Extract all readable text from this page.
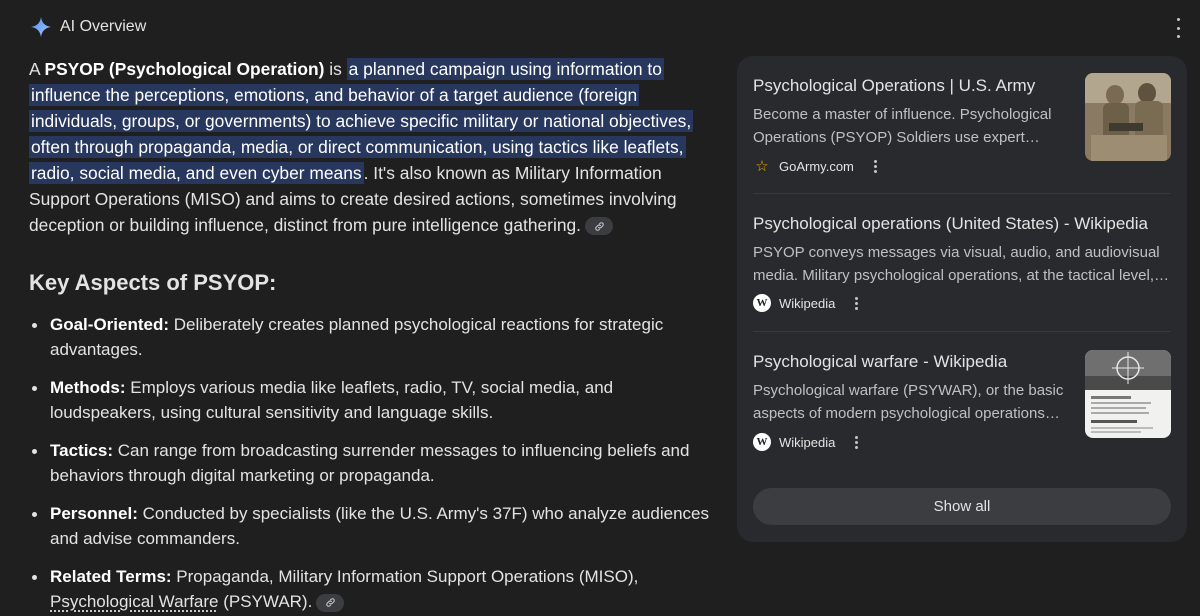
AI Overview

A PSYOP (Psychological Operation) is a planned campaign using information to influence the perceptions, emotions, and behavior of a target audience (foreign individuals, groups, or governments) to achieve specific military or national objectives, often through propaganda, media, or direct communication, using tactics like leaflets, radio, social media, and even cyber means . It's also known as Military Information Support Operations (MISO) and aims to create desired actions, sometimes involving deception or building influence, distinct from pure intelligence gathering.

Key Aspects of PSYOP:
Goal-Oriented: Deliberately creates planned psychological reactions for strategic advantages.
Methods: Employs various media like leaflets, radio, TV, social media, and loudspeakers, using cultural sensitivity and language skills.
Tactics: Can range from broadcasting surrender messages to influencing beliefs and behaviors through digital marketing or propaganda.
Personnel: Conducted by specialists (like the U.S. Army's 37F) who analyze audiences and advise commanders.
Related Terms: Propaganda, Military Information Support Operations (MISO), Psychological Warfare (PSYWAR).
Psychological Operations | U.S. Army
Become a master of influence. Psychological
Operations (PSYOP) Soldiers use expert…
☆ GoArmy.com
Psychological operations (United States) - Wikipedia
PSYOP conveys messages via visual, audio, and audiovisual
media. Military psychological operations, at the tactical level,…
W Wikipedia
Psychological warfare - Wikipedia
Psychological warfare (PSYWAR), or the basic
aspects of modern psychological operations…
W Wikipedia
Show all
